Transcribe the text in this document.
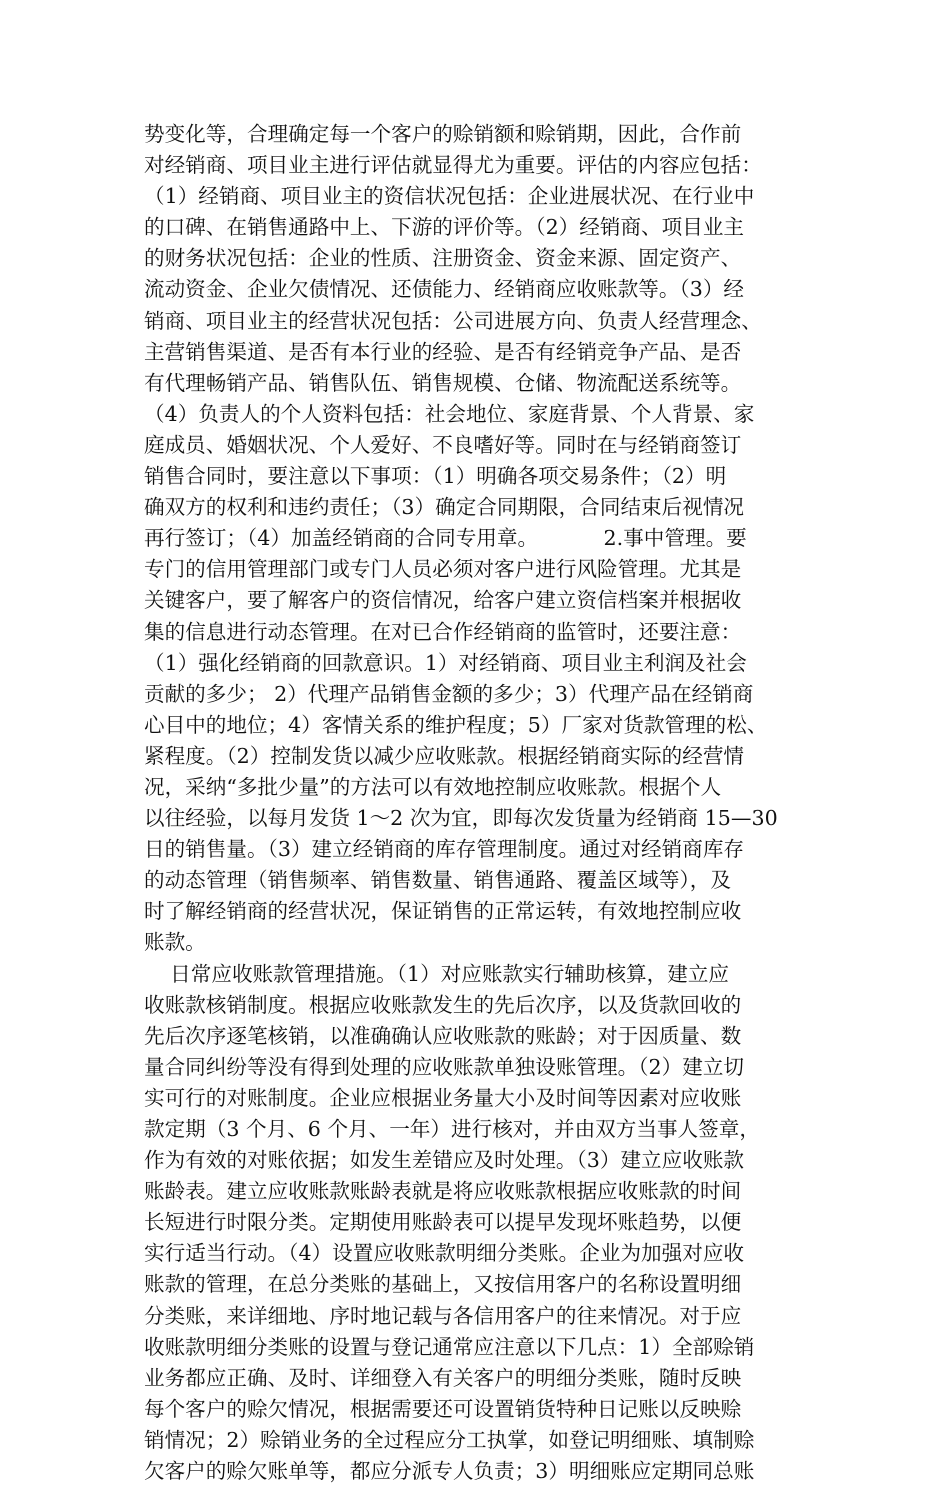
势变化等，合理确定每一个客户的赊销额和赊销期，因此，合作前
对经销商、项目业主进行评估就显得尤为重要。评估的内容应包括：
（1）经销商、项目业主的资信状况包括：企业进展状况、在行业中
的口碑、在销售通路中上、下游的评价等。（2）经销商、项目业主
的财务状况包括：企业的性质、注册资金、资金来源、固定资产、
流动资金、企业欠债情况、还债能力、经销商应收账款等。（3）经
销商、项目业主的经营状况包括：公司进展方向、负责人经营理念、
主营销售渠道、是否有本行业的经验、是否有经销竞争产品、是否
有代理畅销产品、销售队伍、销售规模、仓储、物流配送系统等。
（4）负责人的个人资料包括：社会地位、家庭背景、个人背景、家
庭成员、婚姻状况、个人爱好、不良嗜好等。同时在与经销商签订
销售合同时，要注意以下事项：（1）明确各项交易条件；（2）明
确双方的权利和违约责任；（3）确定合同期限，合同结束后视情况
再行签订；（4）加盖经销商的合同专用章。          2.事中管理。要
专门的信用管理部门或专门人员必须对客户进行风险管理。尤其是
关键客户，要了解客户的资信情况，给客户建立资信档案并根据收
集的信息进行动态管理。在对已合作经销商的监管时，还要注意：
（1）强化经销商的回款意识。1）对经销商、项目业主利润及社会
贡献的多少； 2）代理产品销售金额的多少；3）代理产品在经销商
心目中的地位；4）客情关系的维护程度；5）厂家对货款管理的松、
紧程度。（2）控制发货以减少应收账款。根据经销商实际的经营情
况，采纳“多批少量”的方法可以有效地控制应收账款。根据个人
以往经验，以每月发货 1～2 次为宜，即每次发货量为经销商 15—30
日的销售量。（3）建立经销商的库存管理制度。通过对经销商库存
的动态管理（销售频率、销售数量、销售通路、覆盖区域等），及
时了解经销商的经营状况，保证销售的正常运转，有效地控制应收
账款。
日常应收账款管理措施。（1）对应账款实行辅助核算，建立应
收账款核销制度。根据应收账款发生的先后次序，以及货款回收的
先后次序逐笔核销，以准确确认应收账款的账龄；对于因质量、数
量合同纠纷等没有得到处理的应收账款单独设账管理。（2）建立切
实可行的对账制度。企业应根据业务量大小及时间等因素对应收账
款定期（3 个月、6 个月、一年）进行核对，并由双方当事人签章，
作为有效的对账依据；如发生差错应及时处理。（3）建立应收账款
账龄表。建立应收账款账龄表就是将应收账款根据应收账款的时间
长短进行时限分类。定期使用账龄表可以提早发现坏账趋势，以便
实行适当行动。（4）设置应收账款明细分类账。企业为加强对应收
账款的管理，在总分类账的基础上，又按信用客户的名称设置明细
分类账，来详细地、序时地记载与各信用客户的往来情况。对于应
收账款明细分类账的设置与登记通常应注意以下几点：1）全部赊销
业务都应正确、及时、详细登入有关客户的明细分类账，随时反映
每个客户的赊欠情况，根据需要还可设置销货特种日记账以反映赊
销情况；2）赊销业务的全过程应分工执掌，如登记明细账、填制赊
欠客户的赊欠账单等，都应分派专人负责；3）明细账应定期同总账
